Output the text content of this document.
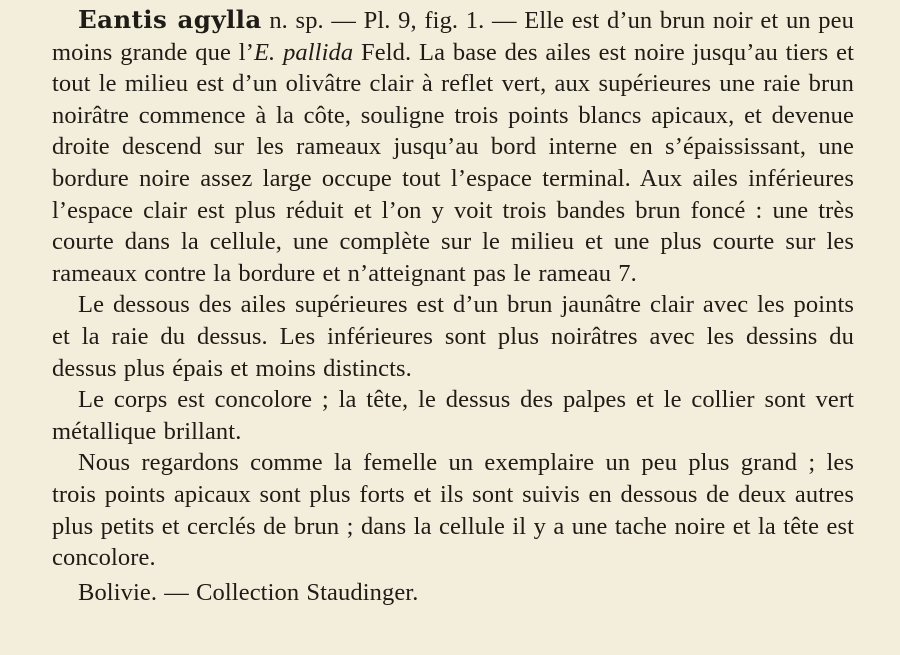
Eantis agylla n. sp. — Pl. 9, fig. 1. — Elle est d’un brun noir et un peu moins grande que l’E. pallida Feld. La base des ailes est noire jusqu’au tiers et tout le milieu est d’un olivâtre clair à reflet vert, aux supérieures une raie brun noirâtre commence à la côte, souligne trois points blancs apicaux, et devenue droite descend sur les rameaux jusqu’au bord interne en s’épaississant, une bordure noire assez large occupe tout l’espace terminal. Aux ailes inférieures l’espace clair est plus réduit et l’on y voit trois bandes brun foncé : une très courte dans la cellule, une complète sur le milieu et une plus courte sur les rameaux contre la bordure et n’atteignant pas le rameau 7.

Le dessous des ailes supérieures est d’un brun jaunâtre clair avec les points et la raie du dessus. Les inférieures sont plus noirâtres avec les dessins du dessus plus épais et moins distincts.

Le corps est concolore ; la tête, le dessus des palpes et le collier sont vert métallique brillant.

Nous regardons comme la femelle un exemplaire un peu plus grand ; les trois points apicaux sont plus forts et ils sont suivis en dessous de deux autres plus petits et cerclés de brun ; dans la cellule il y a une tache noire et la tête est concolore.

Bolivie. — Collection Staudinger.
